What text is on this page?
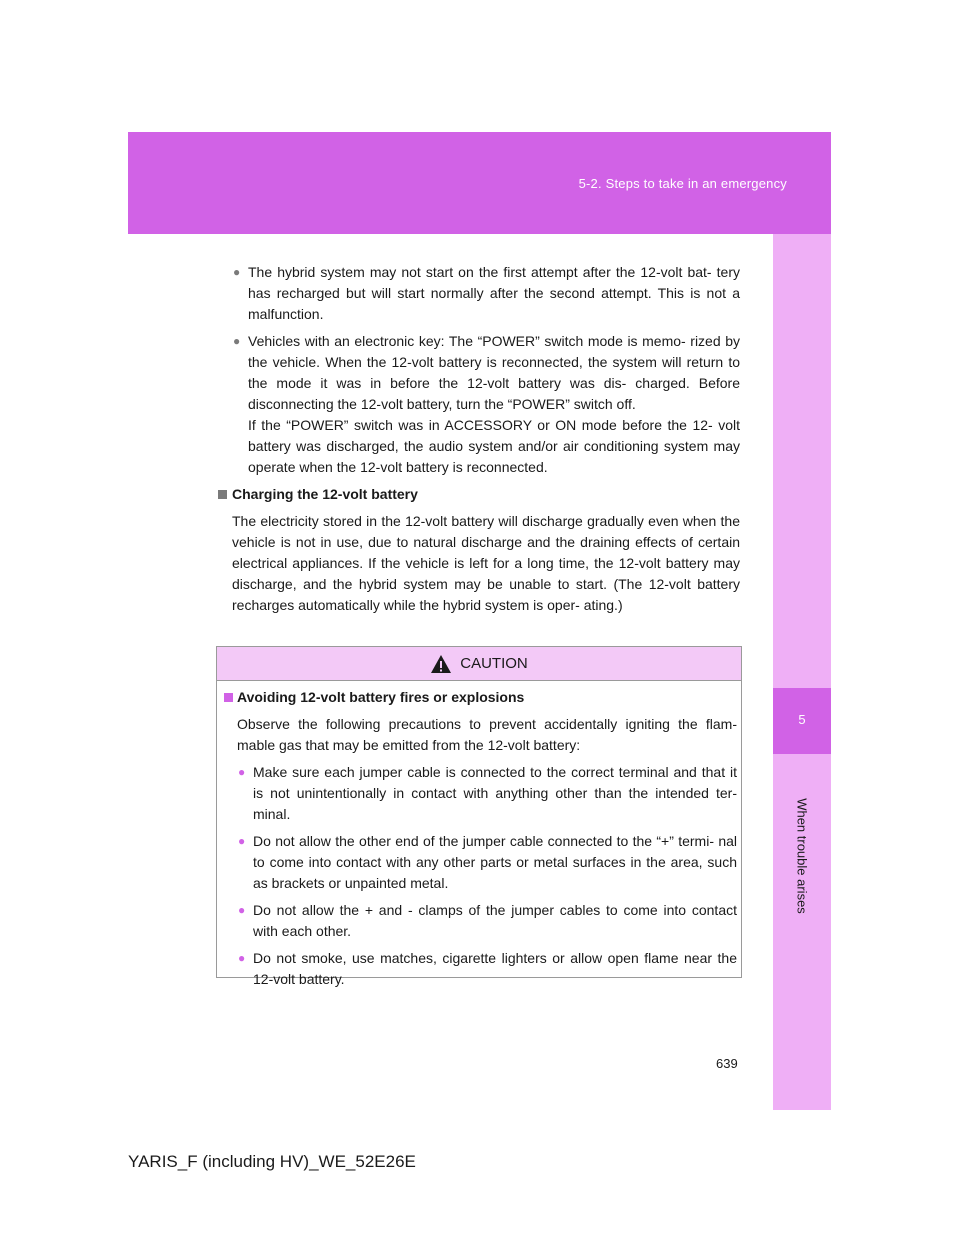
5-2. Steps to take in an emergency
5
When trouble arises
● The hybrid system may not start on the first attempt after the 12-volt bat- tery has recharged but will start normally after the second attempt. This is not a malfunction.
● Vehicles with an electronic key: The “POWER” switch mode is memo- rized by the vehicle. When the 12-volt battery is reconnected, the system will return to the mode it was in before the 12-volt battery was dis- charged. Before disconnecting the 12-volt battery, turn the “POWER” switch off.
If the “POWER” switch was in ACCESSORY or ON mode before the 12- volt battery was discharged, the audio system and/or air conditioning system may operate when the 12-volt battery is reconnected.
Charging the 12-volt battery
The electricity stored in the 12-volt battery will discharge gradually even when the vehicle is not in use, due to natural discharge and the draining effects of certain electrical appliances. If the vehicle is left for a long time, the 12-volt battery may discharge, and the hybrid system may be unable to start. (The 12-volt battery recharges automatically while the hybrid system is oper- ating.)
CAUTION
Avoiding 12-volt battery fires or explosions
Observe the following precautions to prevent accidentally igniting the flam- mable gas that may be emitted from the 12-volt battery:
● Make sure each jumper cable is connected to the correct terminal and that it is not unintentionally in contact with anything other than the intended ter- minal.
● Do not allow the other end of the jumper cable connected to the “+” termi- nal to come into contact with any other parts or metal surfaces in the area, such as brackets or unpainted metal.
● Do not allow the + and - clamps of the jumper cables to come into contact with each other.
● Do not smoke, use matches, cigarette lighters or allow open flame near the 12-volt battery.
639
YARIS_F (including HV)_WE_52E26E
